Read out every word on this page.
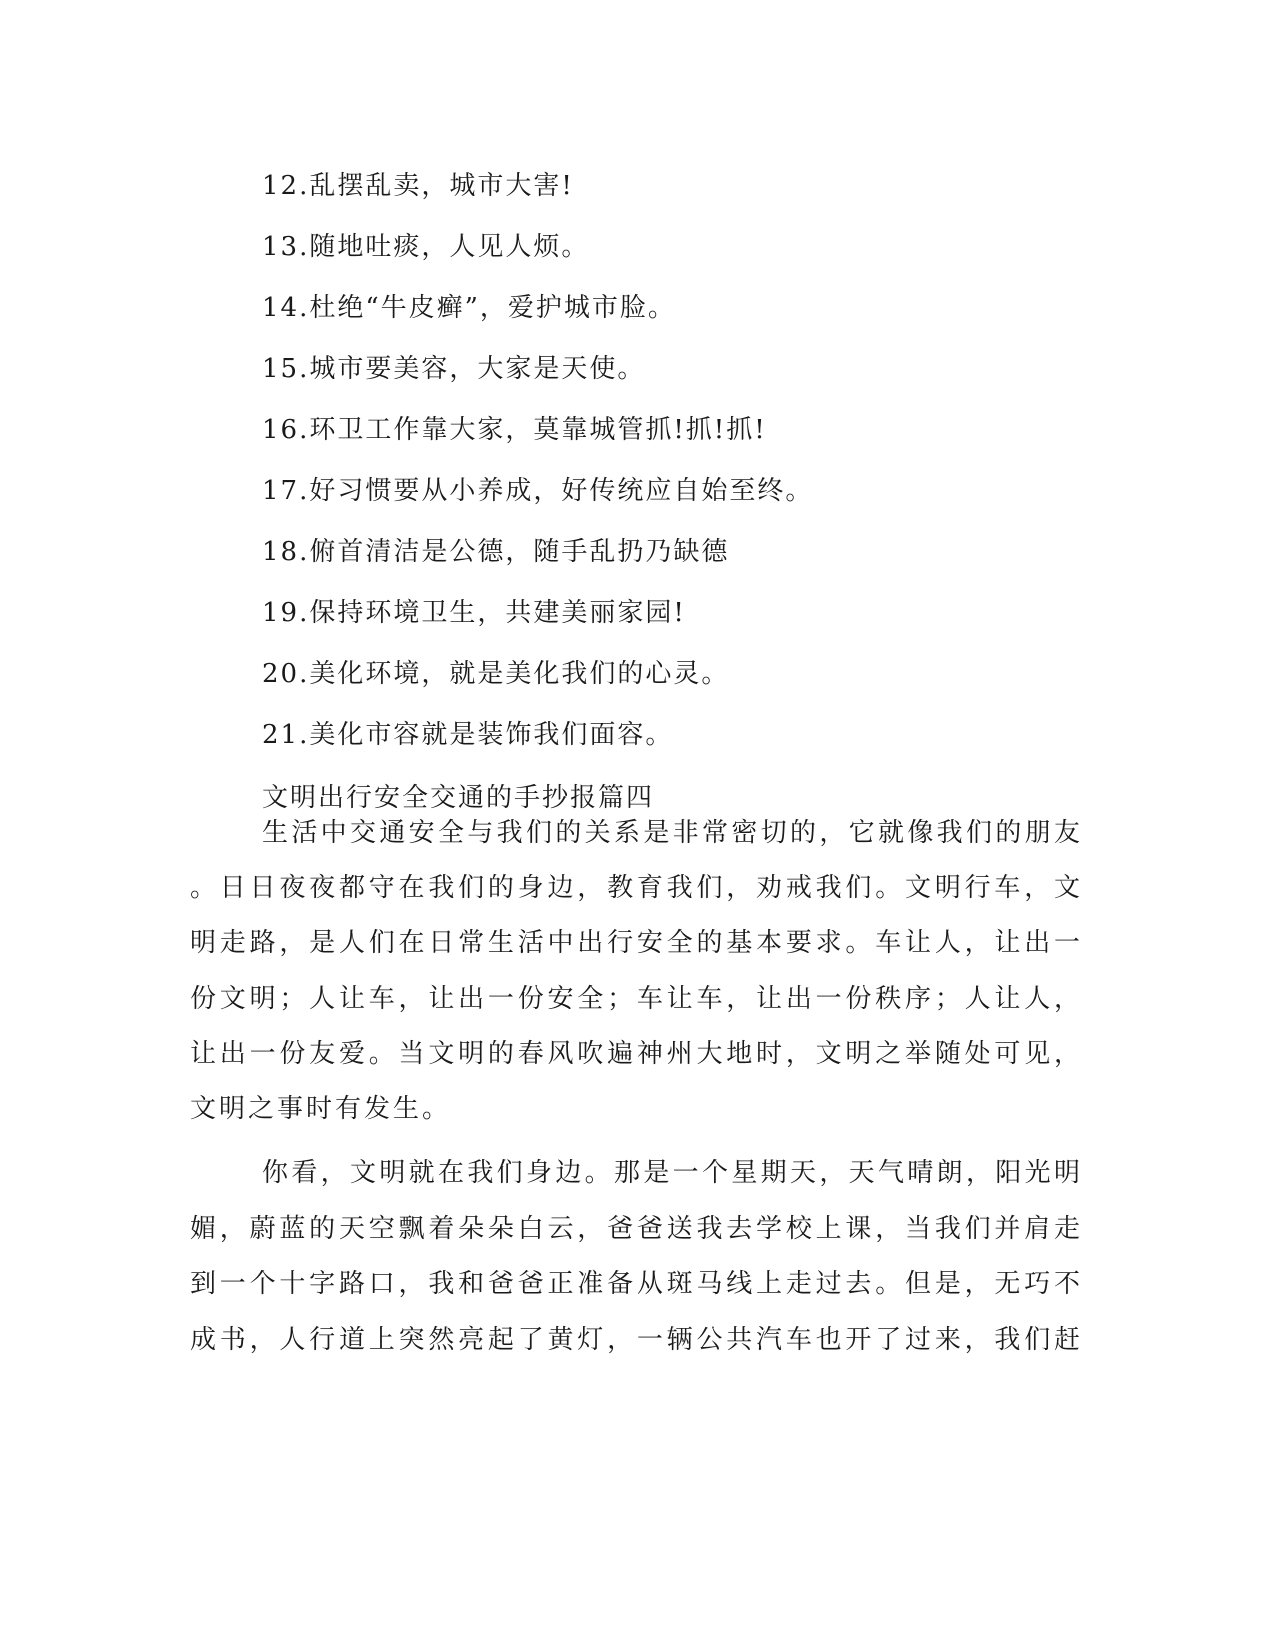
12.乱摆乱卖，城市大害!
13.随地吐痰，人见人烦。
14.杜绝“牛皮癣”，爱护城市脸。
15.城市要美容，大家是天使。
16.环卫工作靠大家，莫靠城管抓!抓!抓!
17.好习惯要从小养成，好传统应自始至终。
18.俯首清洁是公德，随手乱扔乃缺德
19.保持环境卫生，共建美丽家园!
20.美化环境，就是美化我们的心灵。
21.美化市容就是装饰我们面容。
文明出行安全交通的手抄报篇四
生活中交通安全与我们的关系是非常密切的，它就像我们的朋友
。日日夜夜都守在我们的身边，教育我们，劝戒我们。文明行车，文
明走路，是人们在日常生活中出行安全的基本要求。车让人，让出一
份文明；人让车，让出一份安全；车让车，让出一份秩序；人让人，
让出一份友爱。当文明的春风吹遍神州大地时，文明之举随处可见，
文明之事时有发生。
你看，文明就在我们身边。那是一个星期天，天气晴朗，阳光明
媚，蔚蓝的天空飘着朵朵白云，爸爸送我去学校上课，当我们并肩走
到一个十字路口，我和爸爸正准备从斑马线上走过去。但是，无巧不
成书，人行道上突然亮起了黄灯，一辆公共汽车也开了过来，我们赶
